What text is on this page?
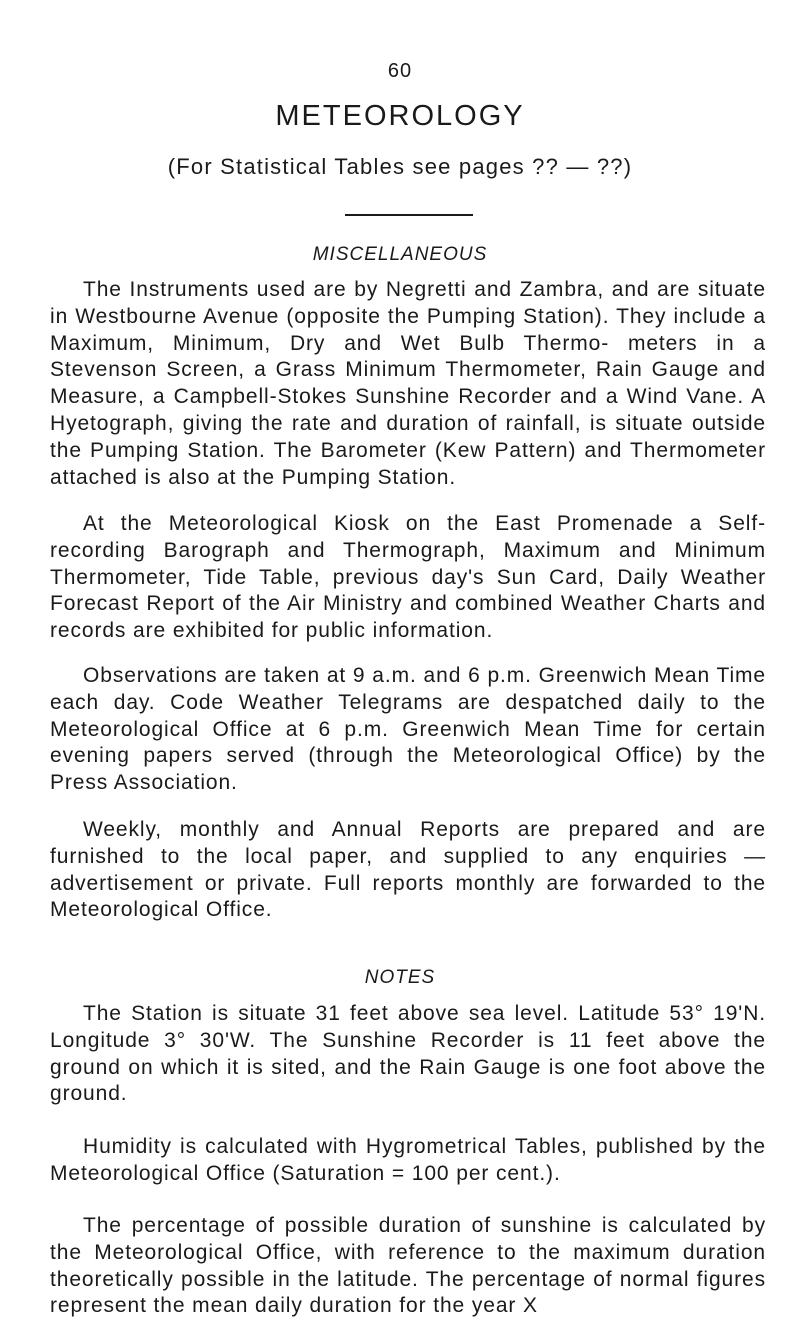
60
METEOROLOGY
(For Statistical Tables see pages ?? — ??)
MISCELLANEOUS

The Instruments used are by Negretti and Zambra, and are situate in Westbourne Avenue (opposite the Pumping Station). They include a Maximum, Minimum, Dry and Wet Bulb Thermo- meters in a Stevenson Screen, a Grass Minimum Thermometer, Rain Gauge and Measure, a Campbell-Stokes Sunshine Recorder and a Wind Vane. A Hyetograph, giving the rate and duration of rainfall, is situate outside the Pumping Station. The Barometer (Kew Pattern) and Thermometer attached is also at the Pumping Station.

At the Meteorological Kiosk on the East Promenade a Self-recording Barograph and Thermograph, Maximum and Minimum Thermometer, Tide Table, previous day's Sun Card, Daily Weather Forecast Report of the Air Ministry and combined Weather Charts and records are exhibited for public information.

Observations are taken at 9 a.m. and 6 p.m. Greenwich Mean Time each day. Code Weather Telegrams are despatched daily to the Meteorological Office at 6 p.m. Greenwich Mean Time for certain evening papers served (through the Meteorological Office) by the Press Association.

Weekly, monthly and Annual Reports are prepared and are furnished to the local paper, and supplied to any enquiries — advertisement or private. Full reports monthly are forwarded to the Meteorological Office.

NOTES

The Station is situate 31 feet above sea level. Latitude 53° 19'N. Longitude 3° 30'W. The Sunshine Recorder is 11 feet above the ground on which it is sited, and the Rain Gauge is one foot above the ground.

Humidity is calculated with Hygrometrical Tables, published by the Meteorological Office (Saturation = 100 per cent.).

The percentage of possible duration of sunshine is calculated by the Meteorological Office, with reference to the maximum duration theoretically possible in the latitude. The percentage of normal figures represent the mean daily duration for the year X
